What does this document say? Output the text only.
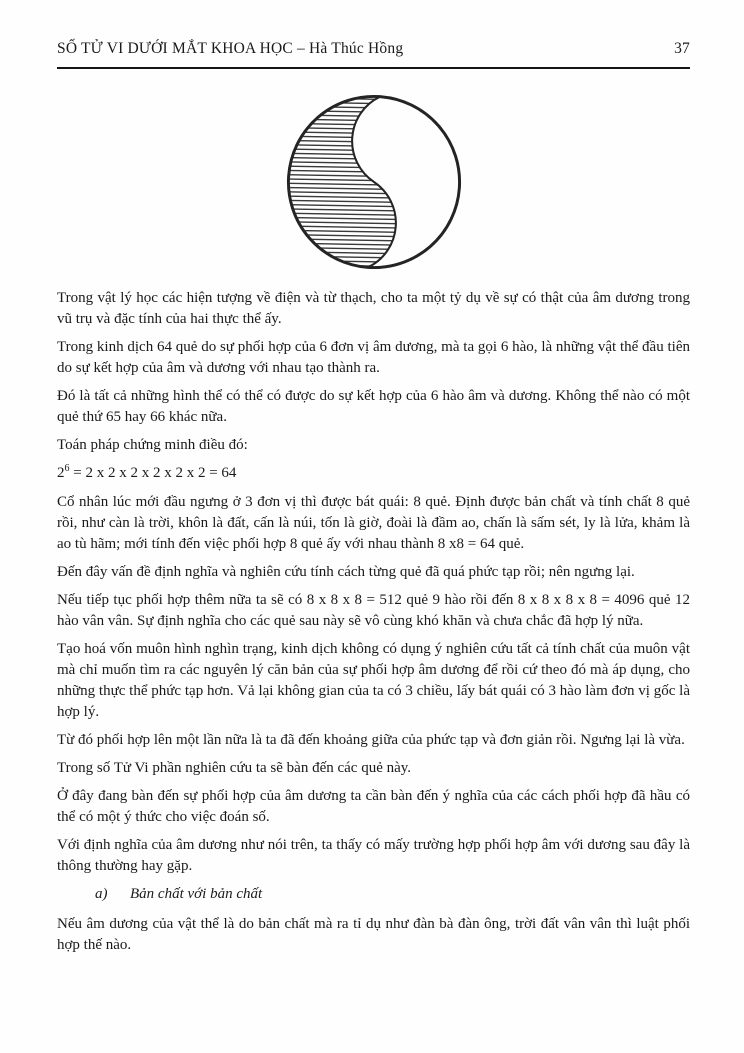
SỐ TỬ VI DƯỚI MẮT KHOA HỌC – Hà Thúc Hồng	37

Trong vật lý học các hiện tượng về điện và từ thạch, cho ta một tỷ dụ về sự có thật của âm dương trong vũ trụ và đặc tính của hai thực thể ấy.

Trong kinh dịch 64 quẻ do sự phối hợp của 6 đơn vị âm dương, mà ta gọi 6 hào, là những vật thể đầu tiên do sự kết hợp của âm và dương với nhau tạo thành ra.

Đó là tất cả những hình thể có thể có được do sự kết hợp của 6 hào âm và dương. Không thể nào có một quẻ thứ 65 hay 66 khác nữa.

Toán pháp chứng minh điều đó:

$2^6 = 2$ x 2 x 2 x 2 x 2 x 2 = 64

Cổ nhân lúc mới đầu ngưng ở 3 đơn vị thì được bát quái: 8 quẻ. Định được bản chất và tính chất 8 quẻ rồi, như càn là trời, khôn là đất, cấn là núi, tốn là giờ, đoài là đầm ao, chấn là sấm sét, ly là lửa, khảm là ao tù hãm; mới tính đến việc phối hợp 8 quẻ ấy với nhau thành 8 x8 = 64 quẻ.

Đến đây vấn đề định nghĩa và nghiên cứu tính cách từng quẻ đã quá phức tạp rồi; nên ngưng lại.

Nếu tiếp tục phối hợp thêm nữa ta sẽ có 8 x 8 x 8 = 512 quẻ 9 hào rồi đến 8 x 8 x 8 x 8 = 4096 quẻ 12 hào vân vân. Sự định nghĩa cho các quẻ sau này sẽ vô cùng khó khăn và chưa chắc đã hợp lý nữa.

Tạo hoá vốn muôn hình nghìn trạng, kinh dịch không có dụng ý nghiên cứu tất cả tính chất của muôn vật mà chỉ muốn tìm ra các nguyên lý căn bản của sự phối hợp âm dương để rồi cứ theo đó mà áp dụng, cho những thực thể phức tạp hơn. Vả lại không gian của ta có 3 chiều, lấy bát quái có 3 hào làm đơn vị gốc là hợp lý.

Từ đó phối hợp lên một lần nữa là ta đã đến khoảng giữa của phức tạp và đơn giản rồi. Ngưng lại là vừa.

Trong số Tử Vi phần nghiên cứu ta sẽ bàn đến các quẻ này.

Ở đây đang bàn đến sự phối hợp của âm dương ta cần bàn đến ý nghĩa của các cách phối hợp đã hầu có thể có một ý thức cho việc đoán số.

Với định nghĩa của âm dương như nói trên, ta thấy có mấy trường hợp phối hợp âm với dương sau đây là thông thường hay gặp.

a) Bản chất với bản chất

Nếu âm dương của vật thể là do bản chất mà ra tỉ dụ như đàn bà đàn ông, trời đất vân vân thì luật phối hợp thế nào.
